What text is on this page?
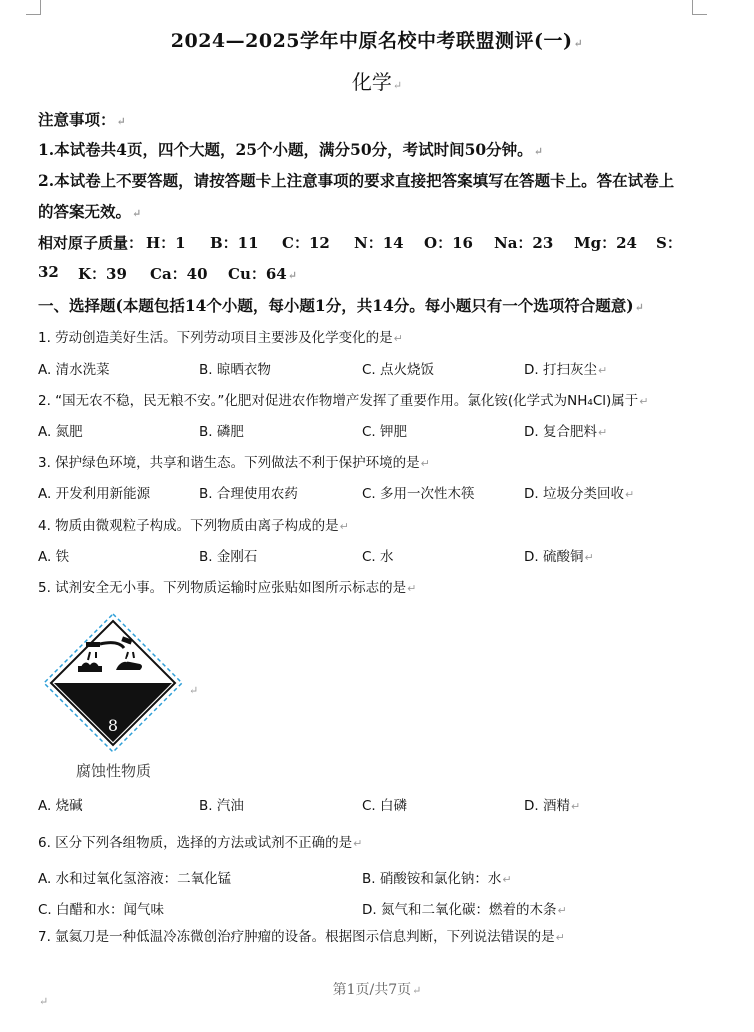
2024—2025学年中原名校中考联盟测评(一)↵
化学↵
注意事项：↵
1.本试卷共4页，四个大题，25个小题，满分50分，考试时间50分钟。↵
2.本试卷上不要答题，请按答题卡上注意事项的要求直接把答案填写在答题卡上。答在试卷上
的答案无效。↵
相对原子质量： H：1 B：11 C：12 N：14 O：16 Na：23 Mg：24 S：
32 K：39 Ca：40 Cu：64↵
一、选择题(本题包括14个小题，每小题1分，共14分。每小题只有一个选项符合题意)↵
1. 劳动创造美好生活。下列劳动项目主要涉及化学变化的是↵
A. 清水洗菜	B. 晾晒衣物	C. 点火烧饭	D. 打扫灰尘↵
2. “国无农不稳，民无粮不安。”化肥对促进农作物增产发挥了重要作用。氯化铵(化学式为NH₄Cl)属于↵
A. 氮肥	B. 磷肥	C. 钾肥	D. 复合肥料↵
3. 保护绿色环境，共享和谐生态。下列做法不利于保护环境的是↵
A. 开发利用新能源	B. 合理使用农药	C. 多用一次性木筷	D. 垃圾分类回收↵
4. 物质由微观粒子构成。下列物质由离子构成的是↵
A. 铁	B. 金刚石	C. 水	D. 硫酸铜↵
5. 试剂安全无小事。下列物质运输时应张贴如图所示标志的是↵
8
↵
腐蚀性物质
A. 烧碱	B. 汽油	C. 白磷	D. 酒精↵
6. 区分下列各组物质，选择的方法或试剂不正确的是↵
A. 水和过氧化氢溶液：二氧化锰	B. 硝酸铵和氯化钠：水↵
C. 白醋和水：闻气味	D. 氮气和二氧化碳：燃着的木条↵
7. 氩氦刀是一种低温冷冻微创治疗肿瘤的设备。根据图示信息判断，下列说法错误的是↵
第1页/共7页↵
↵
